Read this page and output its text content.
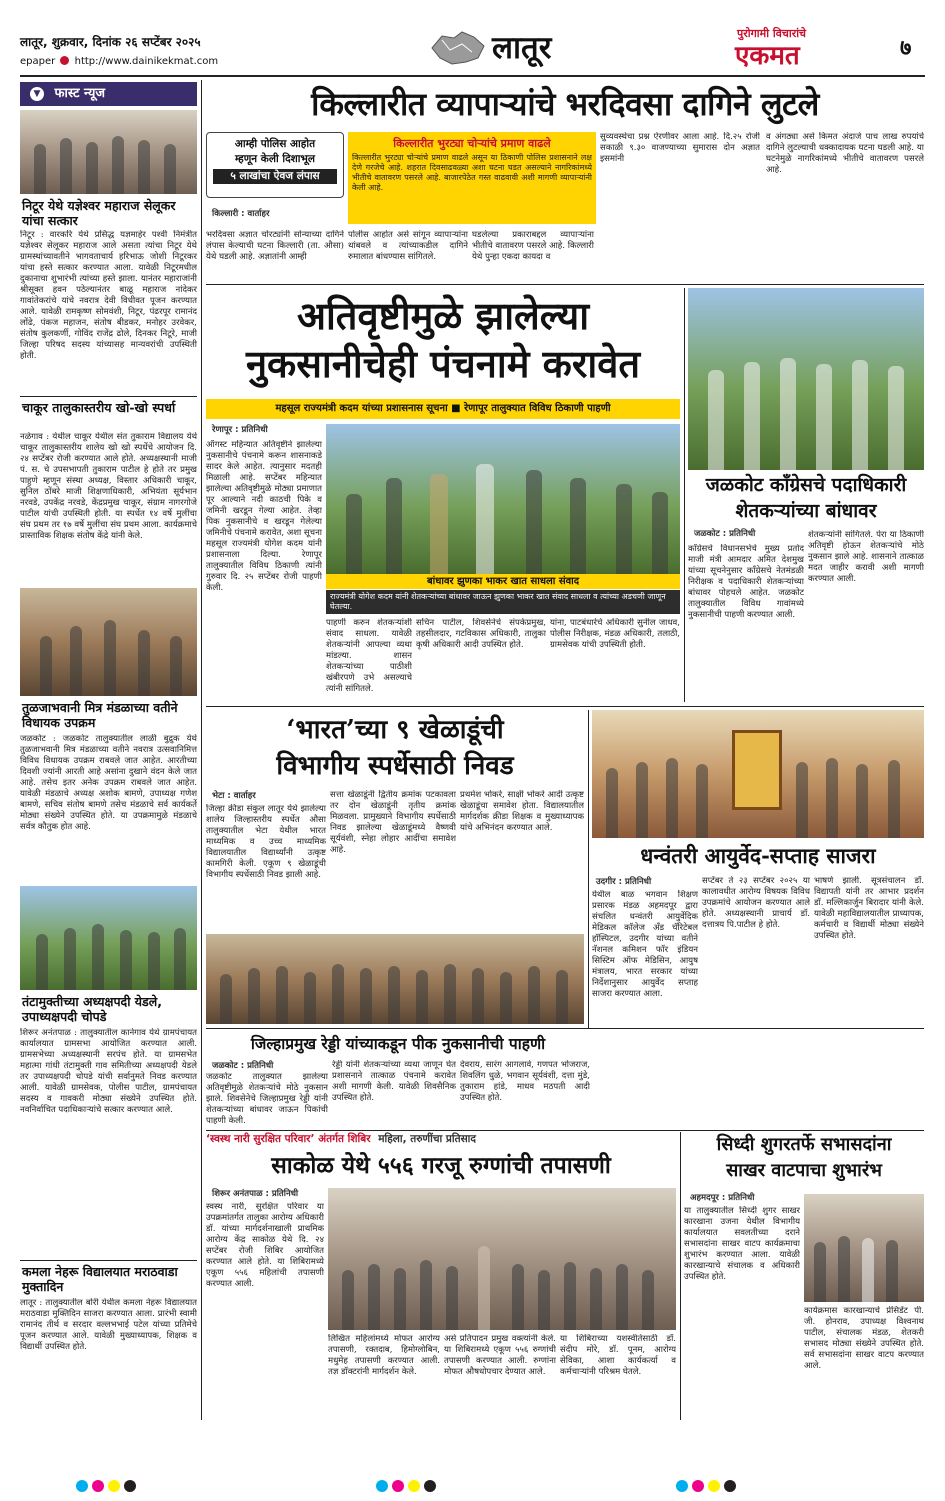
लातूर, शुक्रवार, दिनांक २६ सप्टेंबर २०२५
epaper http://www.dainikekmat.com	लातूर	पुरोगामी विचारांचे
एकमत	७
▼ फास्ट न्यूज
निटूर येथे यज्ञेश्वर महाराज सेलूकर यांचा सत्कार
निटूर : वारकरि येथे प्रसिद्ध यज्ञमाहेर पश्वी निमंत्रीत यज्ञेश्वर सेलूकर महाराज आले असता त्यांचा निटूर येथे ग्रामस्थांच्यावतीने भागवताचार्य हरिभाऊ जोशी निटूरकर यांचा हस्ते सत्कार करण्यात आला. यावेळी निटूरमधील दुकानाचा शुभारंभी त्यांच्या हस्ते झाला. यानंतर महाराजांनी श्रीसूक्त हवन पठेल्यानंतर बाळू महाराज नांदेकर गावांतेकरांचे यांचे नवरात्र देवी विधीवत पूजन करण्यात आले. यावेळी रामकृष्ण सोमवंशी, निटूर, पंढरपूर रामानंद लोंढे, पंकज महाजन, संतोष बीडकर, मनोहर उरवेकर, संतोष कुलकर्णी, गोविंद राजेंद्र ढोले, दिनकर निटूरे, माजी जिल्हा परिषद सदस्य यांच्यासह मान्यवरांची उपस्थिती होती.
चाकूर तालुकास्तरीय खो-खो स्पर्धा
नळेगाव : येथील चाकूर येथील संत तुकाराम विद्यालय येथे चाकूर तालुकास्तरीय शालेय खो खो स्पर्धेचे आयोजन दि. २४ सप्टेंबर रोजी करण्यात आले होते. अध्यक्षस्थानी माजी पं. स. चे उपसभापती तुकाराम पाटील हे होते तर प्रमुख पाहुणे म्हणून संस्था अध्यक्ष, विस्तार अधिकारी चाकूर, सुनिल ठोंबरे माजी शिक्षणाधिकारी, अभियंता सूर्यभान नरवडे, उपकेंद्र नरवडे, केंद्रप्रमुख चाकूर, संग्राम नागरगोजे पाटील यांची उपस्थिती होती. या स्पर्धेत १४ वर्षे मुलींचा संघ प्रथम तर १७ वर्षे मुलींचा संघ प्रथम आला. कार्यक्रमाचे प्रास्ताविक शिक्षक संतोष केंद्रे यांनी केले.
तुळजाभवानी मित्र मंडळाच्या वतीने विधायक उपक्रम
जळकोट : जळकोट तालुक्यातील लाळी बुद्रुक येथे तुळजाभवानी मित्र मंडळाच्या वतीने नवरात्र उत्सवानिमित्त विविध विधायक उपक्रम राबवले जात आहेत. आरतीच्या दिवशी ज्यांनी आरती आहे असांना दुखाने वंदन केले जात आहे. तसेच इतर अनेक उपक्रम राबवले जात आहेत. यावेळी मंडळाचे अध्यक्ष अशोक बामणे, उपाध्यक्ष गणेश बामणे, सचिव संतोष बामणे तसेच मंडळाचे सर्व कार्यकर्ते मोठ्या संख्येने उपस्थित होते. या उपक्रमामुळे मंडळाचे सर्वत्र कौतुक होत आहे.
तंटामुक्तीच्या अध्यक्षपदी येडले, उपाध्यक्षपदी चोपडे
शिरूर अनंतपाळ : तालुक्यातील कानेगाव येथे ग्रामपंचायत कार्यालयात ग्रामसभा आयोजित करण्यात आली. ग्रामसभेच्या अध्यक्षस्थानी सरपंच होते. या ग्रामसभेत महात्मा गांधी तंटामुक्ती गाव समितीच्या अध्यक्षपदी येडले तर उपाध्यक्षपदी चोपडे यांची सर्वानुमते निवड करण्यात आली. यावेळी ग्रामसेवक, पोलीस पाटील, ग्रामपंचायत सदस्य व गावकरी मोठ्या संख्येने उपस्थित होते. नवनिर्वाचित पदाधिकाऱ्यांचे सत्कार करण्यात आले.
कमला नेहरू विद्यालयात मराठवाडा मुक्तादिन
लातूर : तालुक्यातील बोरी येथील कमला नेहरू विद्यालयात मराठवाडा मुक्तिदिन साजरा करण्यात आला. प्रारंभी स्वामी रामानंद तीर्थ व सरदार वल्लभभाई पटेल यांच्या प्रतिमेचे पूजन करण्यात आले. यावेळी मुख्याध्यापक, शिक्षक व विद्यार्थी उपस्थित होते.
किल्लारीत व्यापाऱ्यांचे भरदिवसा दागिने लुटले
आम्ही पोलिस आहोत
म्हणून केली दिशाभूल
५ लाखांचा ऐवज लंपास
किल्लारी : वार्ताहर
किल्लारीत भुरट्या चोऱ्यांचे प्रमाण वाढले
किल्लारीत भुरट्या चोऱ्यांचे प्रमाण वाढले असून या ठिकाणी पोलिस प्रशासनाने लक्ष देणे गरजेचे आहे. शहरात दिवसाढवळ्या अशा घटना घडत असल्याने नागरिकांमध्ये भीतीचे वातावरण पसरले आहे. बाजारपेठेत गस्त वाढवावी अशी मागणी व्यापाऱ्यांनी केली आहे.
भरदिवसा अज्ञात चोरट्यांनी सोन्याच्या दागिने लंपास केल्याची घटना किल्लारी (ता. औसा) येथे घडली आहे. अज्ञातांनी आम्ही
पोलीस आहोत असे सांगून व्यापाऱ्यांना थांबवले व त्यांच्याकडील दागिने रुमालात बांधण्यास सांगितले.
घडलेल्या प्रकाराबद्दल व्यापाऱ्यांना भीतीचे वातावरण पसरले आहे. किल्लारी येथे पुन्हा एकदा कायदा व
सुव्यवस्थेचा प्रश्न ऐरणीवर आला आहे. दि.२५ रोजी सकाळी ९.३० वाजण्याच्या सुमारास दोन अज्ञात इसमांनी
व अंगठ्या असे किमत अंदाजे पाच लाख रुपयांचे दागिने लुटल्याची धक्कादायक घटना घडली आहे. या घटनेमुळे नागरिकांमध्ये भीतीचे वातावरण पसरले आहे.
अतिवृष्टीमुळे झालेल्या
नुकसानीचेही पंचनामे करावेत
महसूल राज्यमंत्री कदम यांच्या प्रशासनास सूचना ■ रेणापूर तालुक्यात विविध ठिकाणी पाहणी
रेणापूर : प्रतिनिधी
ऑगस्ट महिन्यात अतिवृष्टीने झालेल्या नुकसानीचे पंचनामे करून शासनाकडे सादर केले आहेत. त्यानुसार मदतही मिळाली आहे. सप्टेंबर महिन्यात झालेल्या अतिवृष्टीमुळे मोठ्या प्रमाणात पूर आल्याने नदी काठची पिके व जमिनी खरडून गेल्या आहेत. तेव्हा पिक नुकसानीचे व खरडून गेलेल्या जमिनीचे पंचनामे करावेत, अशा सूचना महसूल राज्यमंत्री योगेश कदम यांनी प्रशासनाला दिल्या. रेणापूर तालुक्यातील विविध ठिकाणी त्यांनी गुरुवार दि. २५ सप्टेंबर रोजी पाहणी केली.
बांधावर झुणका भाकर खात साधला संवाद
राज्यमंत्री योगेश कदम यांनी शेतकऱ्यांच्या बांधावर जाऊन झुणका भाकर खात संवाद साधला व त्यांच्या अडचणी जाणून घेतल्या.
पाहणी करुन शेतकऱ्यांशी संवाद साधला. यावेळी शेतकऱ्यांनी आपल्या व्यथा मांडल्या. शासन शेतकऱ्यांच्या पाठीशी खंबीरपणे उभे असल्याचे त्यांनी सांगितले.
सचिन पाटील, शिवसेनेचे संपर्कप्रमुख, तहसीलदार, गटविकास अधिकारी, तालुका कृषी अधिकारी आदी उपस्थित होते.
यांना, पाटबंधारेचे अधिकारी सुनील जाधव, पोलीस निरीक्षक, मंडळ अधिकारी, तलाठी, ग्रामसेवक यांची उपस्थिती होती.
जळकोट काँग्रेसचे पदाधिकारी
शेतकऱ्यांच्या बांधावर
जळकोट : प्रतिनिधी
काँग्रेसचे विधानसभेचे मुख्य प्रतोद माजी मंत्री आमदार अमित देशमुख यांच्या सूचनेनुसार काँग्रेसचे नेतमंडळी निरीक्षक व पदाधिकारी शेतकऱ्यांच्या बांधावर पोहचले आहेत. जळकोट तालुक्यातील विविध गावांमध्ये नुकसानीची पाहणी करण्यात आली.
शेतकऱ्यांनी सांगितले. पेरा या ठिकाणी अतिवृष्टी होऊन शेतकऱ्यांचे मोठे नुकसान झाले आहे. शासनाने तात्काळ मदत जाहीर करावी अशी मागणी करण्यात आली.
‘भारत’च्या ९ खेळाडूंची
विभागीय स्पर्धेसाठी निवड
भेटा : वार्ताहर
जिल्हा क्रीडा संकुल लातूर येथे झालेल्या शालेय जिल्हास्तरीय स्पर्धेत औसा तालुक्यातील भेटा येथील भारत माध्यमिक व उच्च माध्यमिक विद्यालयातील विद्यार्थ्यांनी उत्कृष्ट कामगिरी केली. एकूण ९ खेळाडूंची विभागीय स्पर्धेसाठी निवड झाली आहे.
सत्ता खेळाडूंनी द्वितीय क्रमांक पटकावला तर दोन खेळाडूंनी तृतीय क्रमांक मिळवला. प्रामुख्याने विभागीय स्पर्धेसाठी निवड झालेल्या खेळाडूंमध्ये वैष्णवी सूर्यवंशी, स्नेहा लोहार आदींचा समावेश आहे.
प्रथमेश भोकरे, साक्षी भोकरे आदी उत्कृष्ट खेळाडूंचा समावेश होता. विद्यालयातील मार्गदर्शक क्रीडा शिक्षक व मुख्याध्यापक यांचे अभिनंदन करण्यात आले.
धन्वंतरी आयुर्वेद-सप्ताह साजरा
उदगीर : प्रतिनिधी
येथील बाळ भगवान शिक्षण प्रसारक मंडळ अहमदपूर द्वारा संचलित धन्वंतरी आयुर्वेदिक मेडिकल कॉलेज अँड चॅरिटेबल हॉस्पिटल, उदगीर यांच्या वतीने नॅशनल कमिशन फॉर इंडियन सिस्टिम ऑफ मेडिसिन, आयुष मंत्रालय, भारत सरकार यांच्या निर्देशानुसार आयुर्वेद सप्ताह साजरा करण्यात आला.
सप्टेंबर ते २३ सप्टेंबर २०२५ या कालावधीत आरोग्य विषयक विविध उपक्रमांचे आयोजन करण्यात आले होते. अध्यक्षस्थानी प्राचार्य डॉ. दत्तात्रय पि.पाटील हे होते.
भाषणे झाली. सूत्रसंचालन डॉ. विद्यापती यांनी तर आभार प्रदर्शन डॉ. मल्लिकार्जुन बिरादार यांनी केले. यावेळी महाविद्यालयातील प्राध्यापक, कर्मचारी व विद्यार्थी मोठ्या संख्येने उपस्थित होते.
जिल्हाप्रमुख रेड्डी यांच्याकडून पीक नुकसानीची पाहणी
जळकोट : प्रतिनिधी
जळकोट तालुक्यात झालेल्या अतिवृष्टीमुळे शेतकऱ्यांचे मोठे नुकसान झाले. शिवसेनेचे जिल्हाप्रमुख रेड्डी यांनी शेतकऱ्यांच्या बांधावर जाऊन पिकांची पाहणी केली.
रेड्डी यांनी शेतकऱ्यांच्या व्यथा जाणून घेत प्रशासनाने तात्काळ पंचनामे करावेत अशी मागणी केली. यावेळी शिवसैनिक उपस्थित होते.
देवराय, सारंग आगलावे, गणपत भोजराज, शिवलिंग धुळे, भगवान सूर्यवंशी, दत्ता मुंडे, तुकाराम हांडे, माधव मठपती आदी उपस्थित होते.
‘स्वस्थ नारी सुरक्षित परिवार’ अंतर्गत शिबिर महिला, तरुणींचा प्रतिसाद
साकोळ येथे ५५६ गरजू रुग्णांची तपासणी
शिरूर अनंतपाळ : प्रतिनिधी
स्वस्थ नारी, सुरक्षित परिवार या उपक्रमांतर्गत तालुका आरोग्य अधिकारी डॉ. यांच्या मार्गदर्शनाखाली प्राथमिक आरोग्य केंद्र साकोळ येथे दि. २४ सप्टेंबर रोजी शिबिर आयोजित करण्यात आले होते. या शिबिरामध्ये एकूण ५५६ महिलांची तपासणी करण्यात आली.
लिखित महिलांमध्ये मोफत आरोग्य तपासणी, रक्तदाब, हिमोग्लोबिन, मधुमेह तपासणी करण्यात आली. तज्ञ डॉक्टरांनी मार्गदर्शन केले.
असे प्रतिपादन प्रमुख वक्त्यांनी केले. या शिबिरामध्ये एकूण ५५६ रुग्णांची तपासणी करण्यात आली. रुग्णांना मोफत औषधोपचार देण्यात आले.
या शिबिराच्या यशस्वीतेसाठी डॉ. संदीप मोरे, डॉ. पूनम, आरोग्य सेविका, आशा कार्यकर्त्या व कर्मचाऱ्यांनी परिश्रम घेतले.
सिध्दी शुगरतर्फे सभासदांना
साखर वाटपाचा शुभारंभ
अहमदपूर : प्रतिनिधी
या तालुक्यातील सिध्दी शुगर साखर कारखाना उजना येथील विभागीय कार्यालयात सवलतीच्या दराने सभासदांना साखर वाटप कार्यक्रमाचा शुभारंभ करण्यात आला. यावेळी कारखान्याचे संचालक व अधिकारी उपस्थित होते.
कार्यक्रमास कारखान्याचे प्रेसिडेंट पी. जी. होनराव, उपाध्यक्ष विश्वनाथ पाटील, संचालक मंडळ, शेतकरी सभासद मोठ्या संख्येने उपस्थित होते. सर्व सभासदांना साखर वाटप करण्यात आले.
